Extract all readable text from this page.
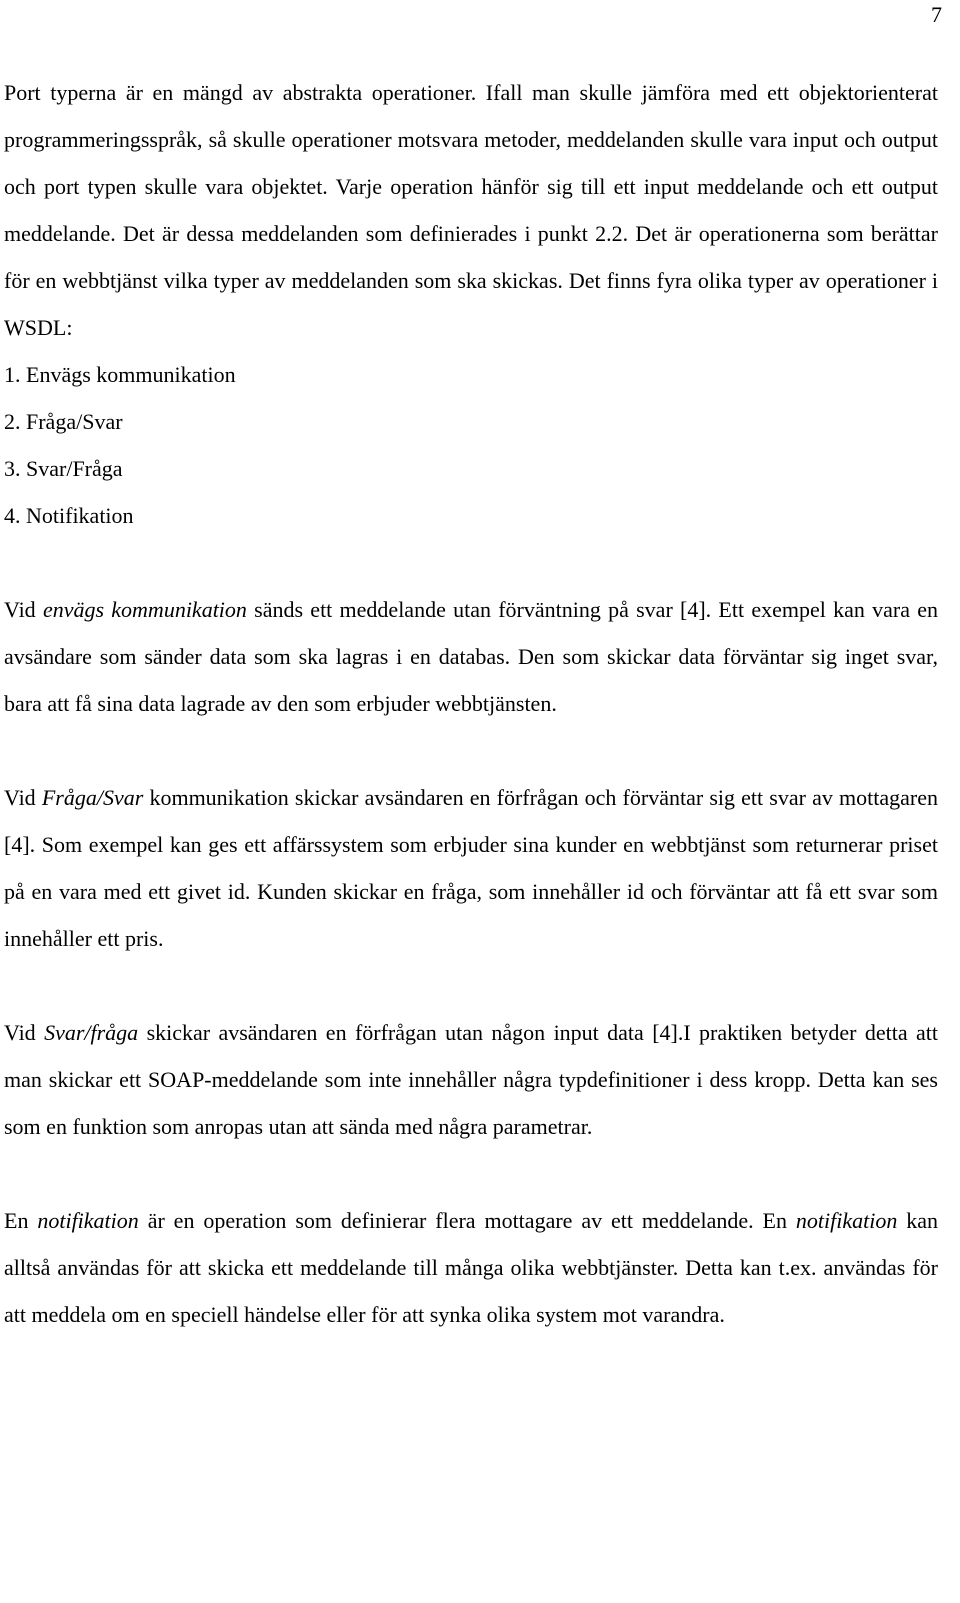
7

Port typerna är en mängd av abstrakta operationer. Ifall man skulle jämföra med ett objektorienterat programmeringsspråk, så skulle operationer motsvara metoder, meddelanden skulle vara input och output och port typen skulle vara objektet. Varje operation hänför sig till ett input meddelande och ett output meddelande. Det är dessa meddelanden som definierades i punkt 2.2. Det är operationerna som berättar för en webbtjänst vilka typer av meddelanden som ska skickas. Det finns fyra olika typer av operationer i WSDL:

1. Envägs kommunikation
2. Fråga/Svar
3. Svar/Fråga
4. Notifikation

Vid envägs kommunikation sänds ett meddelande utan förväntning på svar [4]. Ett exempel kan vara en avsändare som sänder data som ska lagras i en databas. Den som skickar data förväntar sig inget svar, bara att få sina data lagrade av den som erbjuder webbtjänsten.

Vid Fråga/Svar kommunikation skickar avsändaren en förfrågan och förväntar sig ett svar av mottagaren [4]. Som exempel kan ges ett affärssystem som erbjuder sina kunder en webbtjänst som returnerar priset på en vara med ett givet id. Kunden skickar en fråga, som innehåller id och förväntar att få ett svar som innehåller ett pris.

Vid Svar/fråga skickar avsändaren en förfrågan utan någon input data [4].I praktiken betyder detta att man skickar ett SOAP-meddelande som inte innehåller några typdefinitioner i dess kropp. Detta kan ses som en funktion som anropas utan att sända med några parametrar.

En notifikation är en operation som definierar flera mottagare av ett meddelande. En notifikation kan alltså användas för att skicka ett meddelande till många olika webbtjänster. Detta kan t.ex. användas för att meddela om en speciell händelse eller för att synka olika system mot varandra.
